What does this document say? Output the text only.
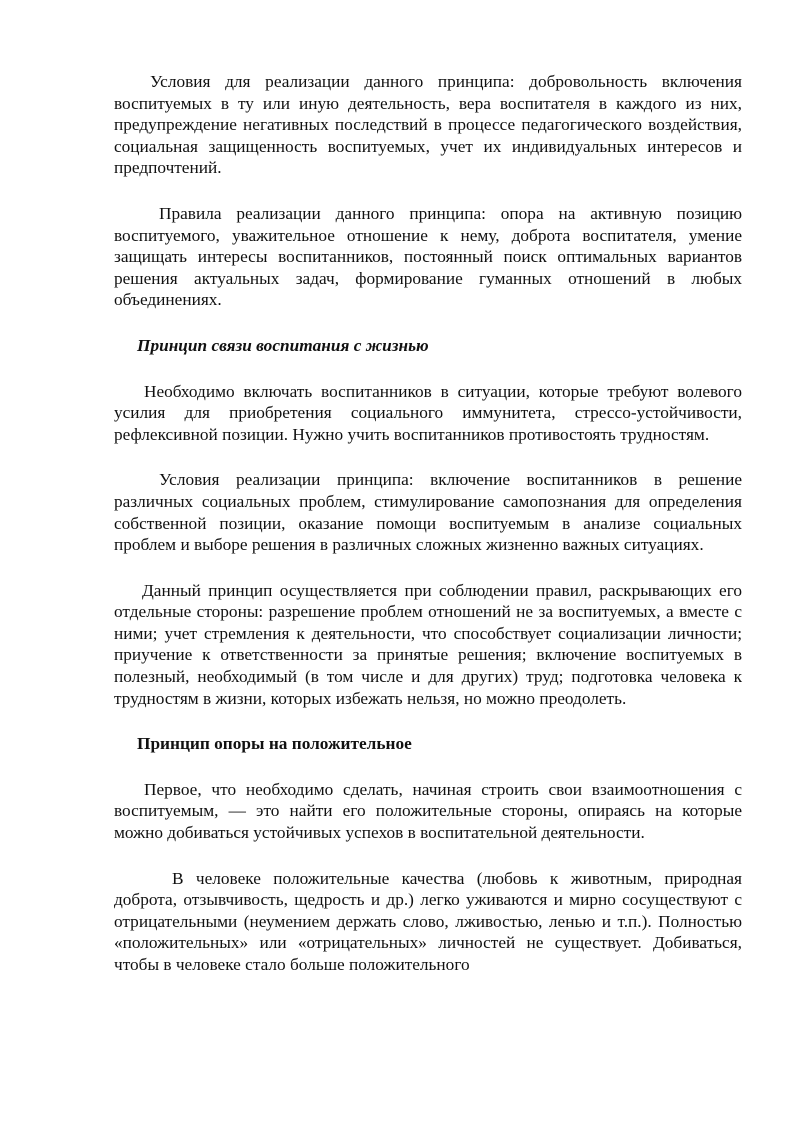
Условия для реализации данного принципа: добровольность включения воспитуемых в ту или иную деятельность, вера воспитателя в каждого из них, предупреждение негативных последствий в процессе педагогического воздействия, социальная защищенность воспитуемых, учет их индивидуальных интересов и предпочтений.

Правила реализации данного принципа: опора на активную позицию воспитуемого, уважительное отношение к нему, доброта воспитателя, умение защищать интересы воспитанников, постоянный поиск оптимальных вариантов решения актуальных задач, формирование гуманных отношений в любых объединениях.

Принцип связи воспитания с жизнью

Необходимо включать воспитанников в ситуации, которые требуют волевого усилия для приобретения социального иммунитета, стрессо-устойчивости, рефлексивной позиции. Нужно учить воспитанников противостоять трудностям.

Условия реализации принципа: включение воспитанников в решение различных социальных проблем, стимулирование самопознания для определения собственной позиции, оказание помощи воспитуемым в анализе социальных проблем и выборе решения в различных сложных жизненно важных ситуациях.

Данный принцип осуществляется при соблюдении правил, раскрывающих его отдельные стороны: разрешение проблем отношений не за воспитуемых, а вместе с ними; учет стремления к деятельности, что способствует социализации личности; приучение к ответственности за принятые решения; включение воспитуемых в полезный, необходимый (в том числе и для других) труд; подготовка человека к трудностям в жизни, которых избежать нельзя, но можно преодолеть.

Принцип опоры на положительное

Первое, что необходимо сделать, начиная строить свои взаимоотношения с воспитуемым, — это найти его положительные стороны, опираясь на которые можно добиваться устойчивых успехов в воспитательной деятельности.

В человеке положительные качества (любовь к животным, природная доброта, отзывчивость, щедрость и др.) легко уживаются и мирно сосуществуют с отрицательными (неумением держать слово, лживостью, ленью и т.п.). Полностью «положительных» или «отрицательных» личностей не существует. Добиваться, чтобы в человеке стало больше положительного
